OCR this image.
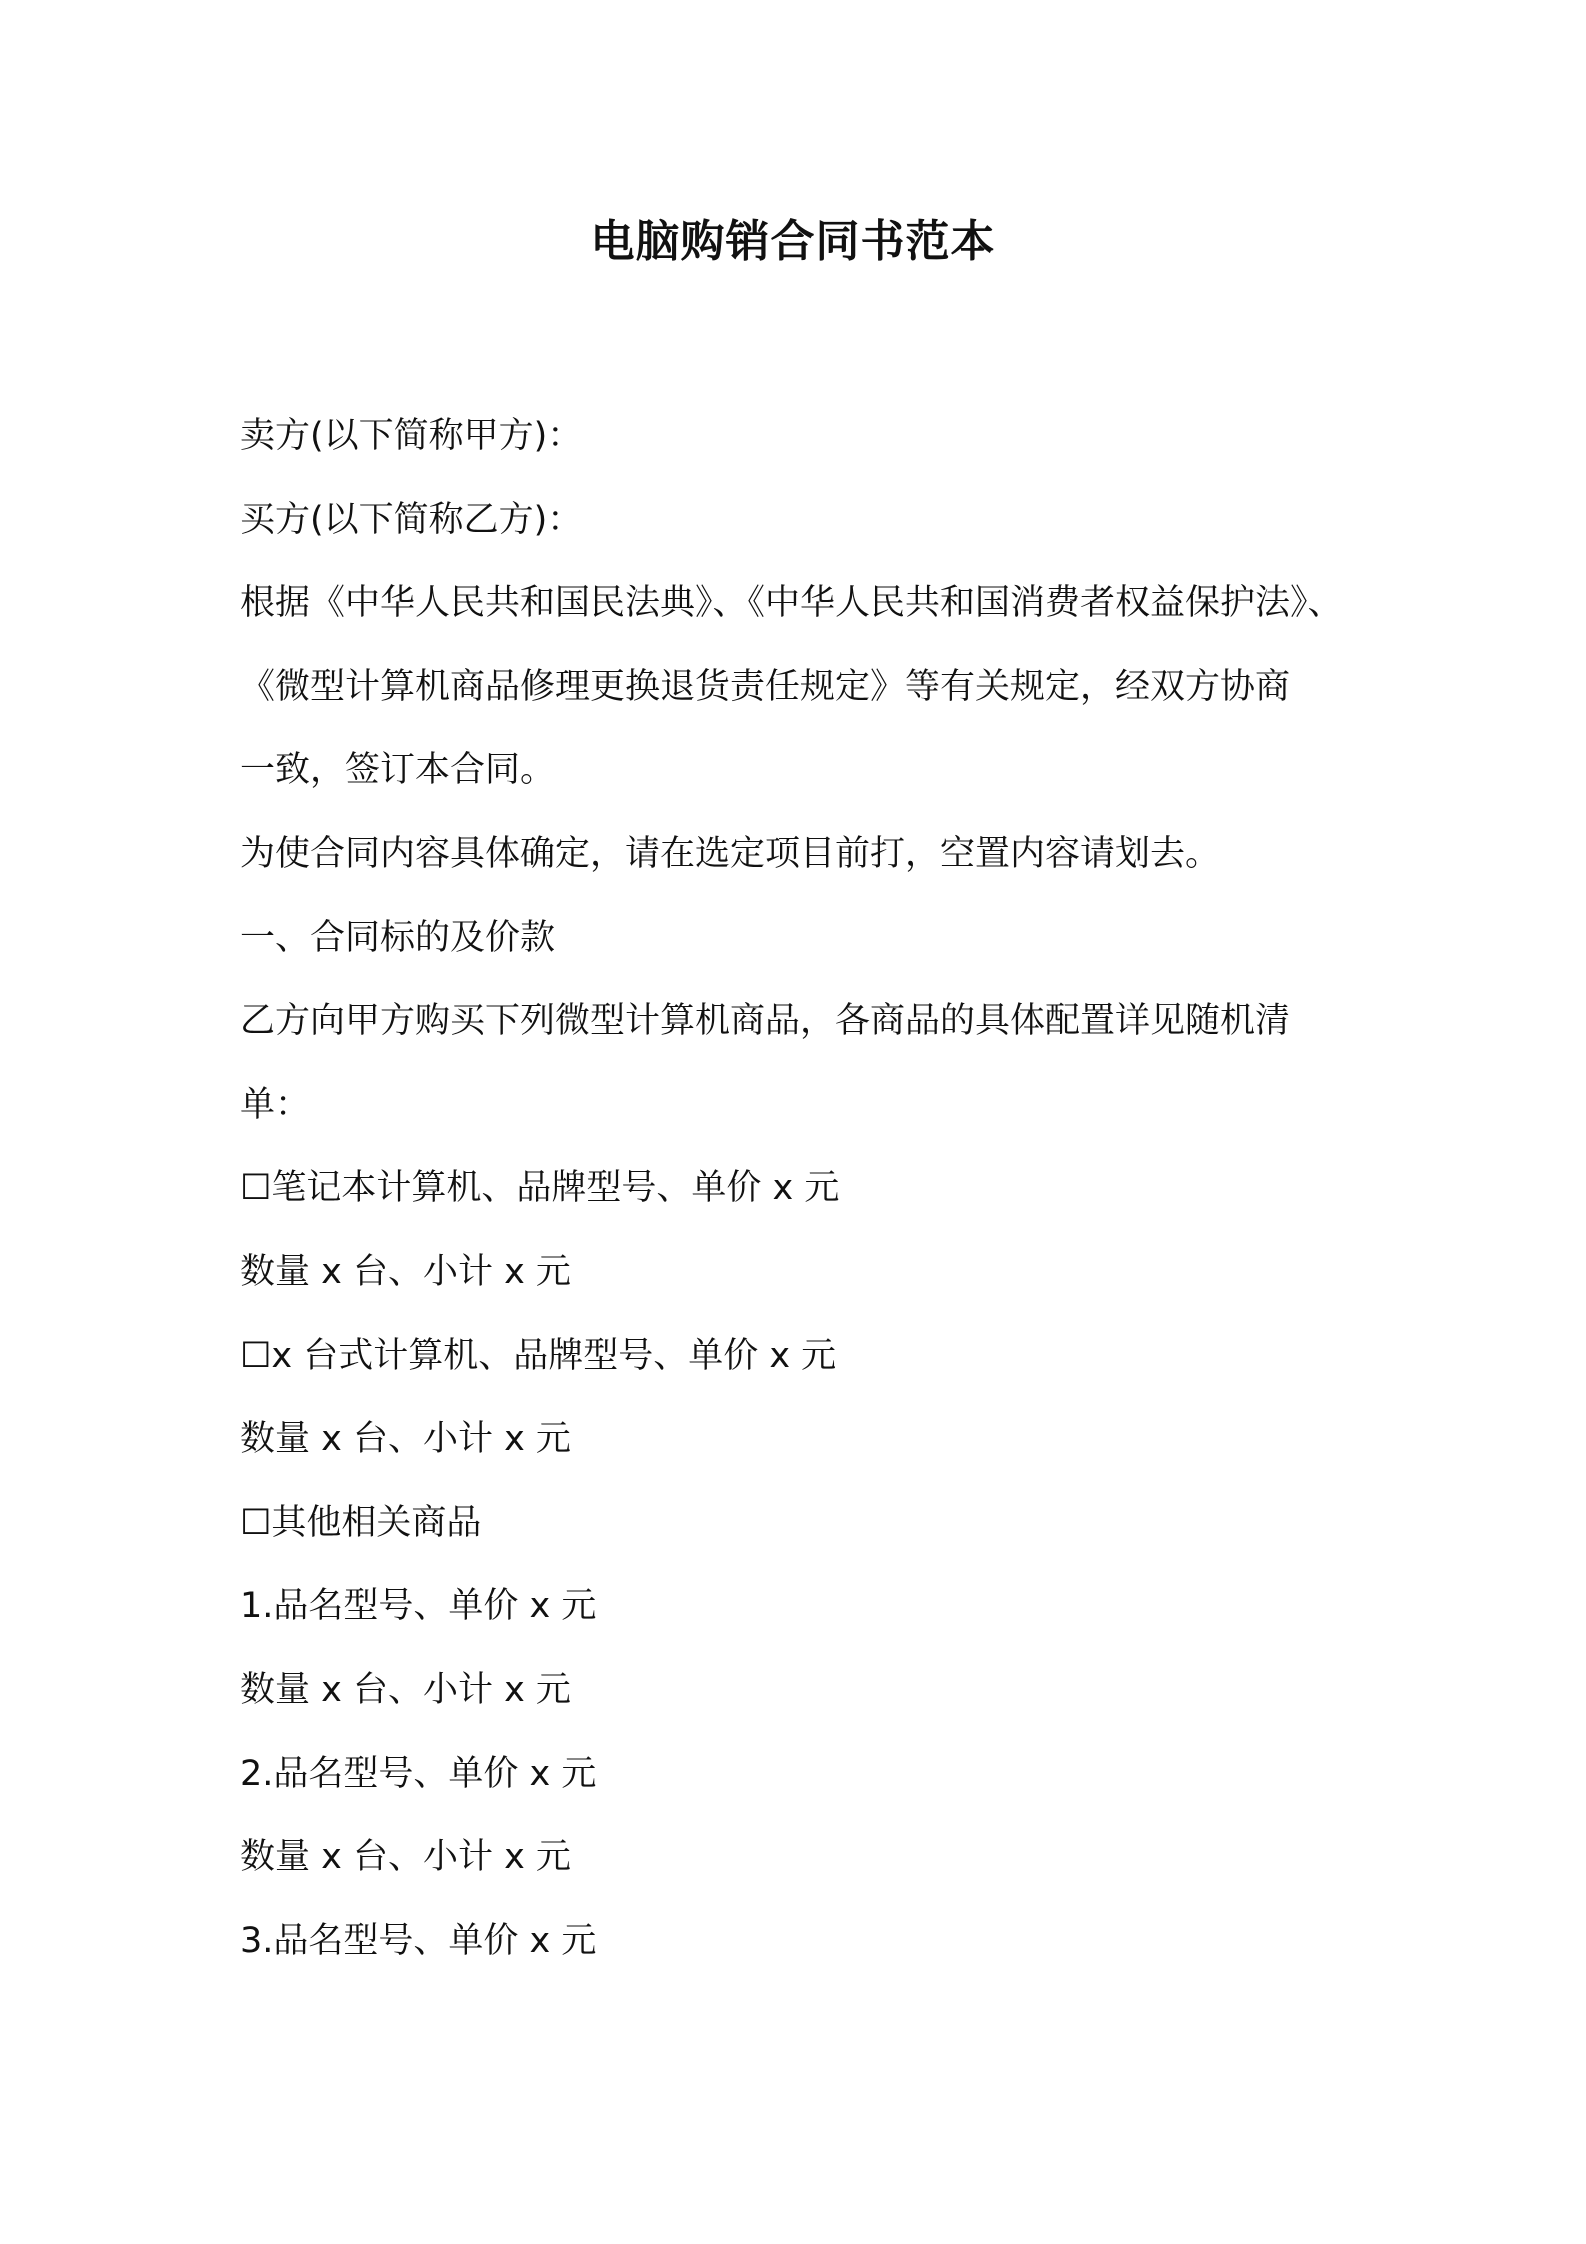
电脑购销合同书范本
卖方(以下简称甲方)：
买方(以下简称乙方)：
根据《中华人民共和国民法典》、《中华人民共和国消费者权益保护法》、
《微型计算机商品修理更换退货责任规定》等有关规定，经双方协商
一致，签订本合同。
为使合同内容具体确定，请在选定项目前打，空置内容请划去。
一、合同标的及价款
乙方向甲方购买下列微型计算机商品，各商品的具体配置详见随机清
单：
☐笔记本计算机、品牌型号、单价 x 元
数量 x 台、小计 x 元
☐x 台式计算机、品牌型号、单价 x 元
数量 x 台、小计 x 元
☐其他相关商品
1.品名型号、单价 x 元
数量 x 台、小计 x 元
2.品名型号、单价 x 元
数量 x 台、小计 x 元
3.品名型号、单价 x 元
